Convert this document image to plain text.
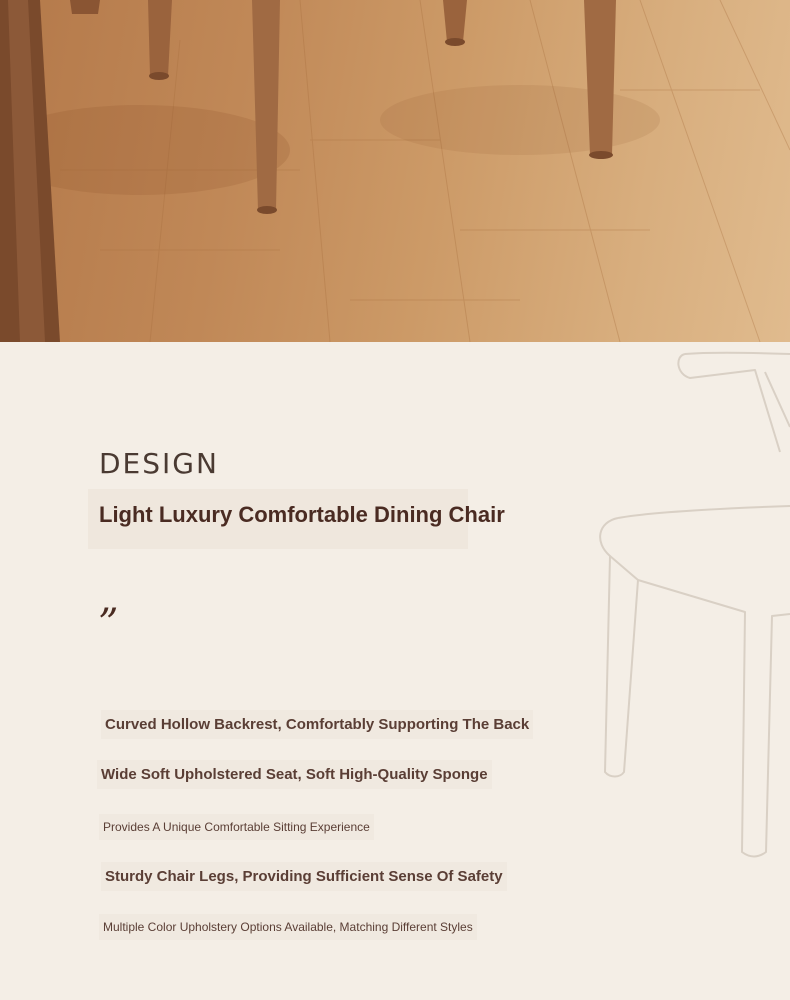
DESIGN
Light Luxury Comfortable Dining Chair
”
Curved Hollow Backrest, Comfortably Supporting The Back
Wide Soft Upholstered Seat, Soft High-Quality Sponge
Provides A Unique Comfortable Sitting Experience
Sturdy Chair Legs, Providing Sufficient Sense Of Safety
Multiple Color Upholstery Options Available, Matching Different Styles
